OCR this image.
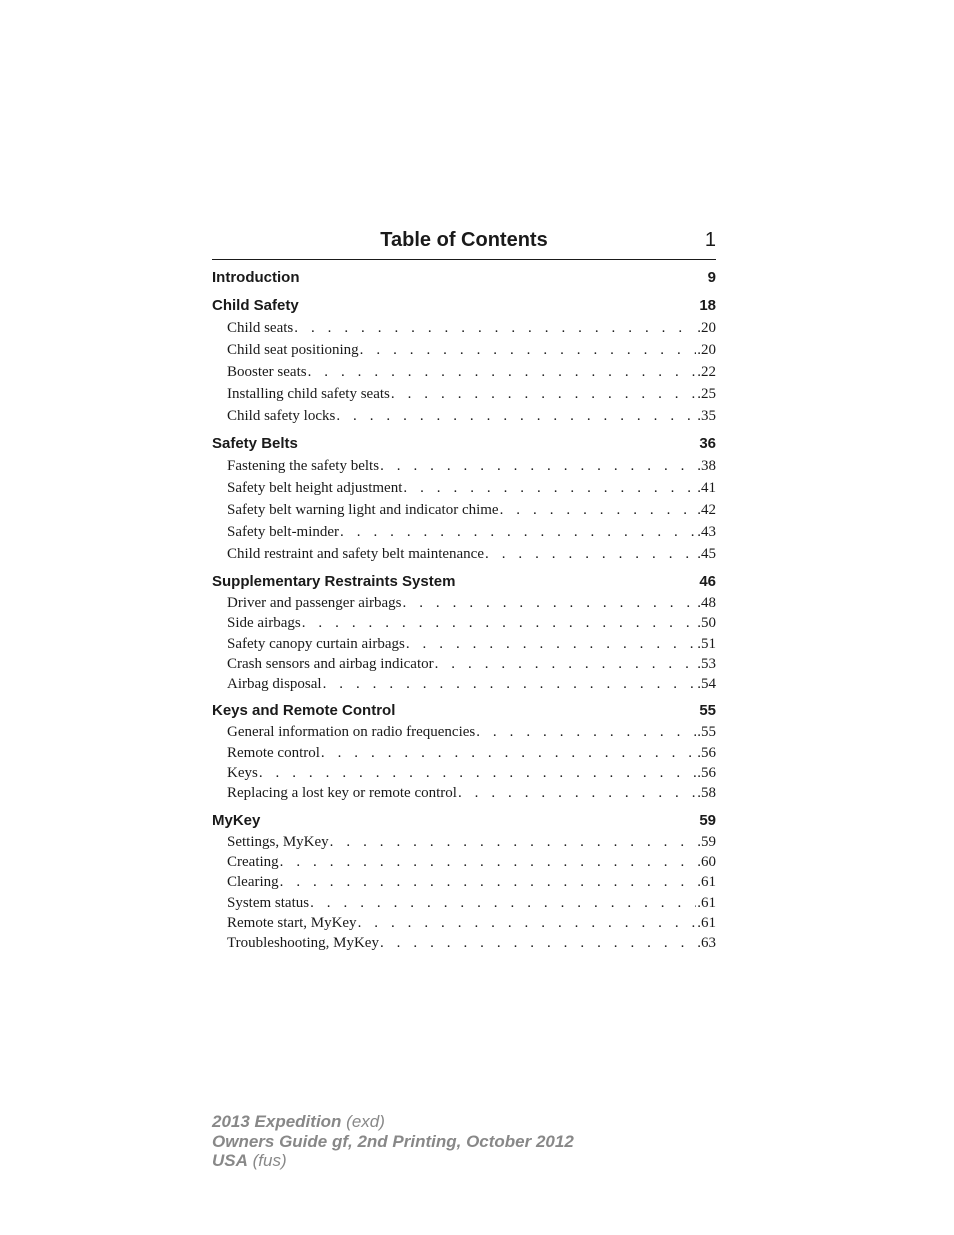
Table of Contents	1
Introduction	9
Child Safety	18
Child seats . . .	.20
Child seat positioning . . .	.20
Booster seats . . .	.22
Installing child safety seats . . .	.25
Child safety locks . . .	.35
Safety Belts	36
Fastening the safety belts . . .	.38
Safety belt height adjustment . . .	.41
Safety belt warning light and indicator chime . . .	.42
Safety belt-minder . . .	.43
Child restraint and safety belt maintenance . . .	.45
Supplementary Restraints System	46
Driver and passenger airbags . . .	.48
Side airbags . . .	.50
Safety canopy curtain airbags . . .	.51
Crash sensors and airbag indicator . . .	.53
Airbag disposal . . .	.54
Keys and Remote Control	55
General information on radio frequencies . . .	.55
Remote control . . .	.56
Keys . . .	.56
Replacing a lost key or remote control . . .	.58
MyKey	59
Settings, MyKey . . .	.59
Creating . . .	.60
Clearing . . .	.61
System status . . .	.61
Remote start, MyKey . . .	.61
Troubleshooting, MyKey . . .	.63
2013 Expedition (exd)
Owners Guide gf, 2nd Printing, October 2012
USA (fus)
